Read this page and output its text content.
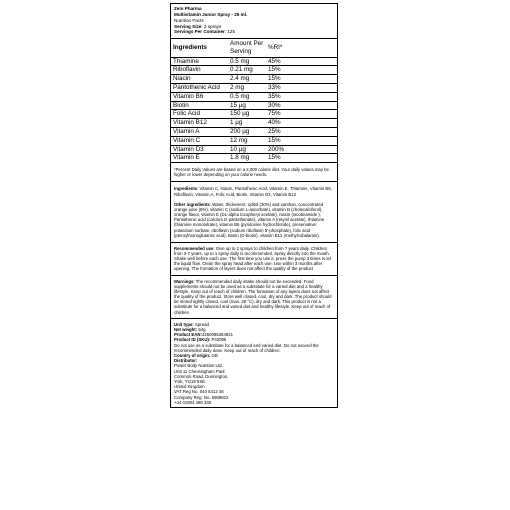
Zein Pharma
Multivitamin Junior Spray - 25 ml.
Nutrition Facts
Serving Size: 2 sprays
Servings Per Container: 125
Ingredients	Amount Per Serving	%RI*
Thiamine	0.5 mg	45%
Riboflavin	0.21 mg	15%
Niacin	2.4 mg	15%
Pantothenic Acid	2 mg	33%
Vitamin B6	0.5 mg	35%
Biotin	15 µg	30%
Folic Acid	150 µg	75%
Vitamin B12	1 µg	40%
Vitamin A	200 µg	25%
Vitamin C	12 mg	15%
Vitamin D3	10 µg	200%
Vitamin E	1.8 mg	15%

*Percent Daily Values are based on a 2,000 calorie diet. Your daily values may be higher or lower depending on your calorie needs.

Ingredients: Vitamin C, Niacin, Pantothenic Acid, Vitamin E, Thiamine, Vitamin B6, Riboflavin, Vitamin A, Folic Acid, Biotin, Vitamin D3, Vitamin B12

Other ingredients: Water, thickeners: xylitol (30%) and xanthan, concentrated orange juice (8%), vitamin C (sodium L-ascorbate), vitamin D (cholecalciferol), orange flavor, vitamin E (DL-alpha tocopheryl acetate), niacin (nicotinamide ), Pantothenic acid (calcium D-pantothenate), vitamin A (retynil acetate), thiamine (thiamine mononitrate), vitamin B6 (pyridoxine hydrochloride), preservative: potassium sorbate, riboflavin (sodium riboflavin 5'-phosphate), folic acid (pteroylmonoglutamic acid), Biotin (D-biotin), vitamin B12 (methylcobalamin).

Recommended use: Give up to 2 sprays to children from 7 years daily. Children from 3-7 years, up to 1 spray daily is recommended. Spray directly into the mouth. Shake well before each use. The first time you use it, press the pump 3 times to let the liquid flow. Clean the spray head after each use. Use within 3 months after opening. The formation of layers does not affect the quality of the product

Warnings: The recommended daily intake should not be exceeded. Food supplements should not be used as a substitute for a varied diet and a healthy lifestyle. Keep out of reach of children. The formation of any layers does not affect the quality of the product. Store well closed, cool, dry and dark. The product should be stored tightly closed, cool (max. 25 °C), dry and dark. This product is not a substitute for a balanced and varied diet and healthy lifestyle. Keep out of reach of children

Unit type: Spread

Net weight: 64g

Product EAN:4260085384921

Product ID (SKU): P42096

Do not use as a substitute for a balanced and varied diet. Do not exceed the recommended daily dose. Keep out of reach of children.

Country of origin: GB

Distributor:

Power Body Nutrition Ltd.

Unit 11 Chessingham Park

Common Road, Dunnington,

York, YO19 5SE

United Kingdom

VAT Reg No. 040 5412 46

Company Reg. No. 6909822

+44 01904 486 330
